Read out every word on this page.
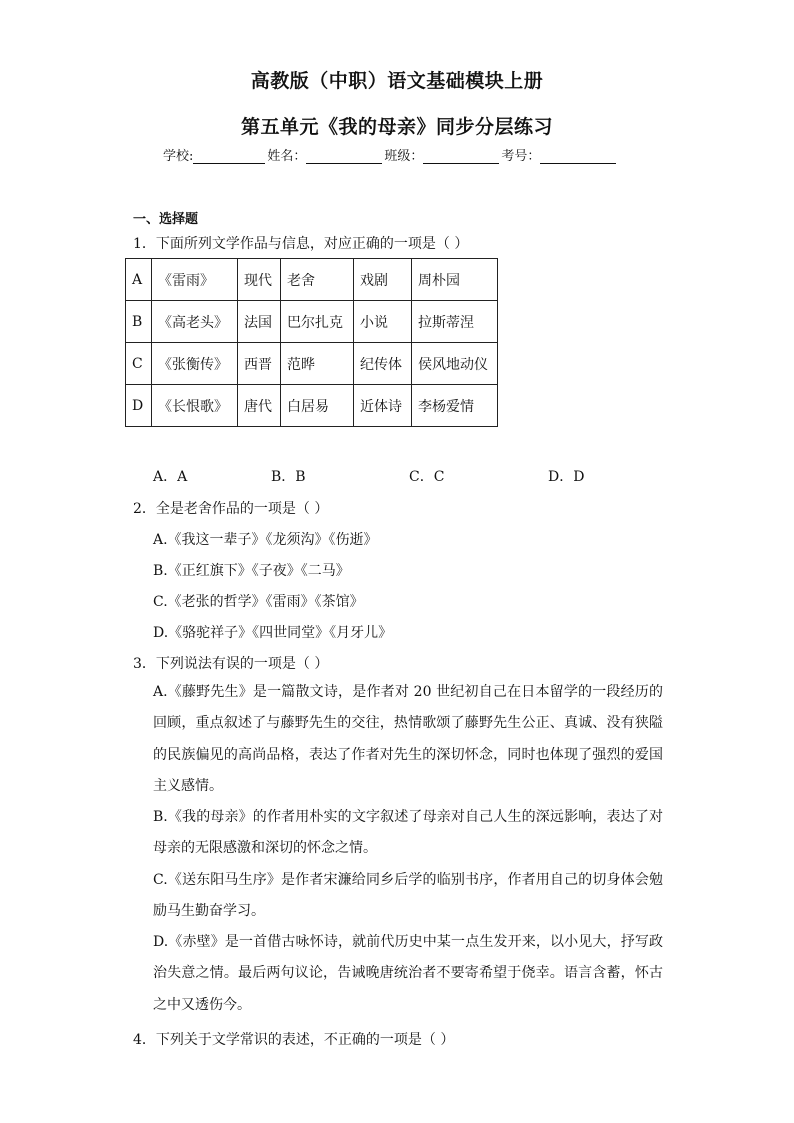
高教版（中职）语文基础模块上册
第五单元《我的母亲》同步分层练习
学校:	姓名：	班级：	考号：
一、选择题
1．下面所列文学作品与信息，对应正确的一项是（ ）
A	《雷雨》	现代	老舍	戏剧	周朴园
B	《高老头》	法国	巴尔扎克	小说	拉斯蒂涅
C	《张衡传》	西晋	范晔	纪传体	侯风地动仪
D	《长恨歌》	唐代	白居易	近体诗	李杨爱情
A．A	B．B	C．C	D．D
2．全是老舍作品的一项是（ ）
A.《我这一辈子》《龙须沟》《伤逝》
B.《正红旗下》《子夜》《二马》
C.《老张的哲学》《雷雨》《茶馆》
D.《骆驼祥子》《四世同堂》《月牙儿》
3．下列说法有误的一项是（ ）
A.《藤野先生》是一篇散文诗，是作者对 20 世纪初自己在日本留学的一段经历的回顾，重点叙述了与藤野先生的交往，热情歌颂了藤野先生公正、真诚、没有狭隘的民族偏见的高尚品格，表达了作者对先生的深切怀念，同时也体现了强烈的爱国主义感情。
B.《我的母亲》的作者用朴实的文字叙述了母亲对自己人生的深远影响，表达了对母亲的无限感激和深切的怀念之情。
C.《送东阳马生序》是作者宋濂给同乡后学的临别书序，作者用自己的切身体会勉励马生勤奋学习。
D.《赤壁》是一首借古咏怀诗，就前代历史中某一点生发开来，以小见大，抒写政治失意之情。最后两句议论，告诫晚唐统治者不要寄希望于侥幸。语言含蓄，怀古之中又透伤今。
4．下列关于文学常识的表述，不正确的一项是（ ）
